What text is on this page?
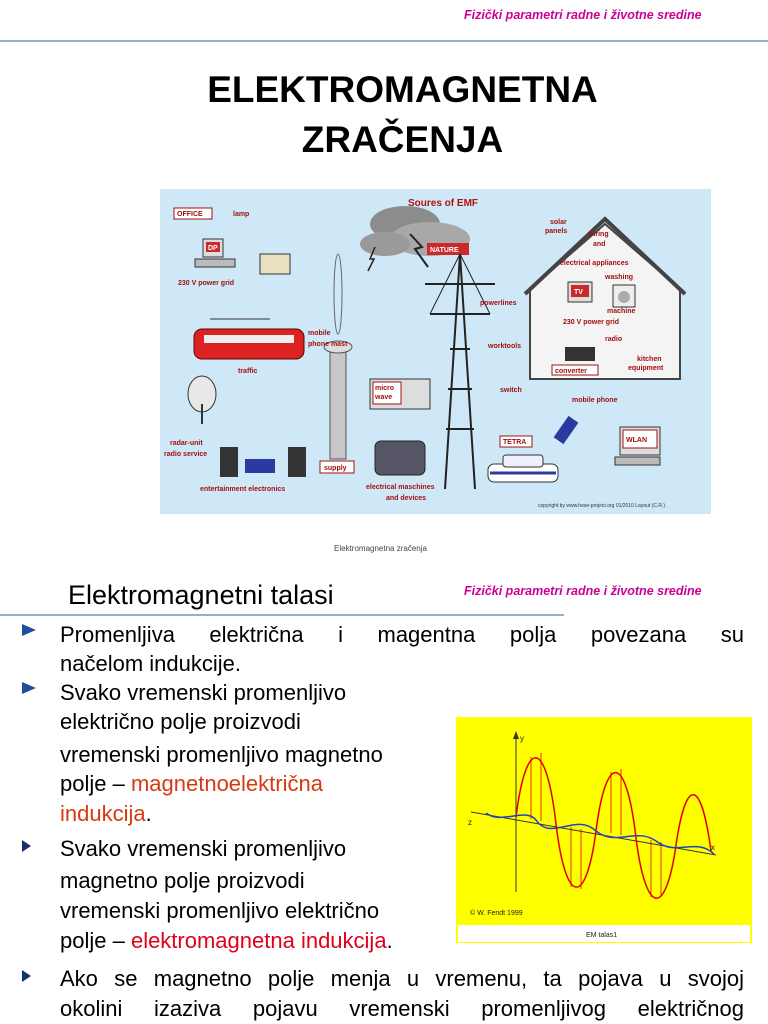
Fizički parametri radne i životne sredine
ELEKTROMAGNETNA
ZRAČENJA
Soures of EMF
NATURE
OFFICE	lamp
DP
230 V power grid
traffic
mobile
phone mast
micro
wave
powerlines
worktools
switch
radar-unit
radio service
entertainment electronics
supply
electrical maschines
and devices
solar
panels	wiring
and
electrical appliances
TV
washing
machine
230 V power grid
radio
kitchen
equipment
converter
mobile phone
TETRA	WLAN
copyright by www.hese-project.org 01/2010 Layout (C.R.)
Elektromagnetna zračenja
Elektromagnetni talasi	Fizički parametri radne i životne sredine
Promenljiva električna i magentna polja povezana su
načelom indukcije.
Svako vremenski promenljivo
električno polje proizvodi
vremenski promenljivo magnetno
polje – magnetnoelektrična
indukcija.
Svako vremenski promenljivo
magnetno polje proizvodi
vremenski promenljivo električno
polje – elektromagnetna indukcija.	EM talas1
y
x
z
© W. Fendt 1999
Ako se magnetno polje menja u vremenu, ta pojava u svojoj
okolini izaziva pojavu vremenski promenljivog električnog
